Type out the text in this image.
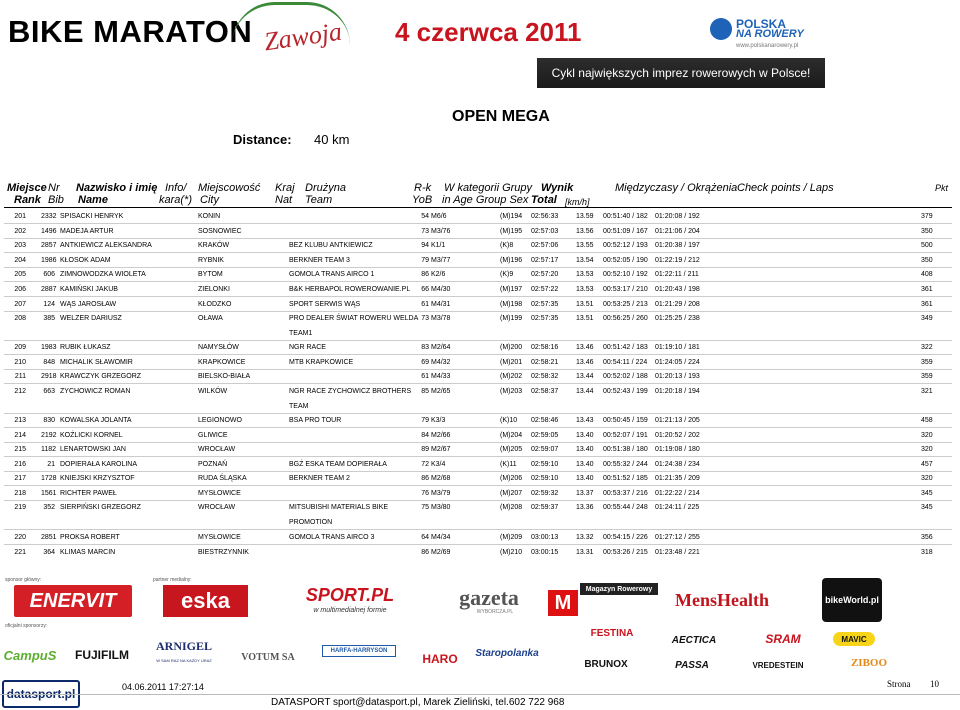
BIKE MARATON Zawoja 4 czerwca 2011	POLSKA
NA ROWERY
www.polskanarowery.pl
Cykl największych imprez rowerowych w Polsce!
OPEN MEGA
Distance: 40 km
Miejsce
Rank
Nr
Bib
Nazwisko i imię
Name
Info/
kara(*)
Miejscowość
City
Kraj
Nat
Drużyna
Team
R-k
YoB
W kategorii Grupy
in Age Group Sex
Wynik
Total [km/h]
Międzyczasy / Okrążenia Check points / Laps	Pkt
201 2332 SPISACKI HENRYK	KONIN	54 M6/6	(M)194 02:56:33	13.59 00:51:40 / 182 01:20:08 / 192	379
202 1496 MADEJA ARTUR	SOSNOWIEC	73 M3/76	(M)195 02:57:03	13.56 00:51:09 / 167 01:21:06 / 204	350
203 2857 ANTKIEWICZ ALEKSANDRA	KRAKÓW	BEZ KLUBU ANTKIEWICZ	94 K1/1	(K)8	02:57:06	13.55 00:52:12 / 193 01:20:38 / 197	500
204 1986 KŁOSOK ADAM	RYBNIK	BERKNER TEAM 3	79 M3/77	(M)196 02:57:17	13.54 00:52:05 / 190 01:22:19 / 212	350
205	606 ZIMNOWODZKA WIOLETA	BYTOM	GOMOLA TRANS AIRCO 1	86 K2/6	(K)9	02:57:20	13.53 00:52:10 / 192 01:22:11 / 211	408
206 2887 KAMIŃSKI JAKUB	ZIELONKI	B&K HERBAPOL ROWEROWANIE.PL	66 M4/30	(M)197 02:57:22	13.53 00:53:17 / 210 01:20:43 / 198	361
207	124 WĄS JAROSŁAW	KŁODZKO	SPORT SERWIS WĄS	61 M4/31	(M)198 02:57:35	13.51 00:53:25 / 213 01:21:29 / 208	361
208	385 WELZER DARIUSZ	OŁAWA	PRO DEALER ŚWIAT ROWERU WELDA 73 M3/78	(M)199 02:57:35	13.51 00:56:25 / 260 01:25:25 / 238	349
TEAM1
209 1983 RUBIK ŁUKASZ	NAMYSŁÓW	NGR RACE	83 M2/64	(M)200 02:58:16	13.46 00:51:42 / 183 01:19:10 / 181	322
210	848 MICHALIK SŁAWOMIR	KRAPKOWICE	MTB KRAPKOWICE	69 M4/32	(M)201 02:58:21	13.46 00:54:11 / 224 01:24:05 / 224	359
211 2918 KRAWCZYK GRZEGORZ	BIELSKO-BIAŁA	61 M4/33	(M)202 02:58:32	13.44 00:52:02 / 188 01:20:13 / 193	359
212	663 ZYCHOWICZ ROMAN	WILKÓW	NGR RACE ZYCHOWICZ BROTHERS	85 M2/65	(M)203 02:58:37	13.44 00:52:43 / 199 01:20:18 / 194	321
TEAM
213	830 KOWALSKA JOLANTA	LEGIONOWO	BSA PRO TOUR	79 K3/3	(K)10 02:58:46	13.43 00:50:45 / 159 01:21:13 / 205	458
214 2192 KOŻLICKI KORNEL	GLIWICE	84 M2/66	(M)204 02:59:05	13.40 00:52:07 / 191 01:20:52 / 202	320
215 1182 LENARTOWSKI JAN	WROCŁAW	89 M2/67	(M)205 02:59:07	13.40 00:51:38 / 180 01:19:08 / 180	320
216	21 DOPIERAŁA KAROLINA	POZNAŃ	BGŻ ESKA TEAM DOPIERAŁA	72 K3/4	(K)11 02:59:10	13.40 00:55:32 / 244 01:24:38 / 234	457
217 1728 KNIEJSKI KRZYSZTOF	RUDA ŚLĄSKA	BERKNER TEAM 2	86 M2/68	(M)206 02:59:10	13.40 00:51:52 / 185 01:21:35 / 209	320
218 1561 RICHTER PAWEŁ	MYSŁOWICE	76 M3/79	(M)207 02:59:32	13.37 00:53:37 / 216 01:22:22 / 214	345
219	352 SIERPIŃSKI GRZEGORZ	WROCŁAW	MITSUBISHI MATERIALS BIKE	75 M3/80	(M)208 02:59:37	13.36 00:55:44 / 248 01:24:11 / 225	345
PROMOTION
220 2851 PROKSA ROBERT	MYSŁOWICE	GOMOLA TRANS AIRCO 3	64 M4/34	(M)209 03:00:13	13.32 00:54:15 / 226 01:27:12 / 255	356
221	364 KLIMAS MARCIN	BIESTRZYNNIK	86 M2/69	(M)210 03:00:15	13.31 00:53:26 / 215 01:23:48 / 221	318
sponsor główny:	partner medialny:
oficjalni sponsorzy:
ENERVIT	eska	SPORT.PL
w multimedialnej formie	gazeta
WYBORCZA.PL	M
Magazyn Rowerowy
MensHealth	bikeWorld.pl
CampuS FUJIFILM
ARNIGEL
W SAM RAZ NA KAŻDY URAZ	VOTUM SA
HARFA-HARRYSON
HARO Staropolanka
FESTINA
BRUNOX
AECTICA
PASSA
SRAM
VREDESTEIN
MAVIC
ZIBOO
datasport.pl	04.06.2011 17:27:14
DATASPORT sport@datasport.pl, Marek Zieliński, tel.602 722 968
Strona 10
